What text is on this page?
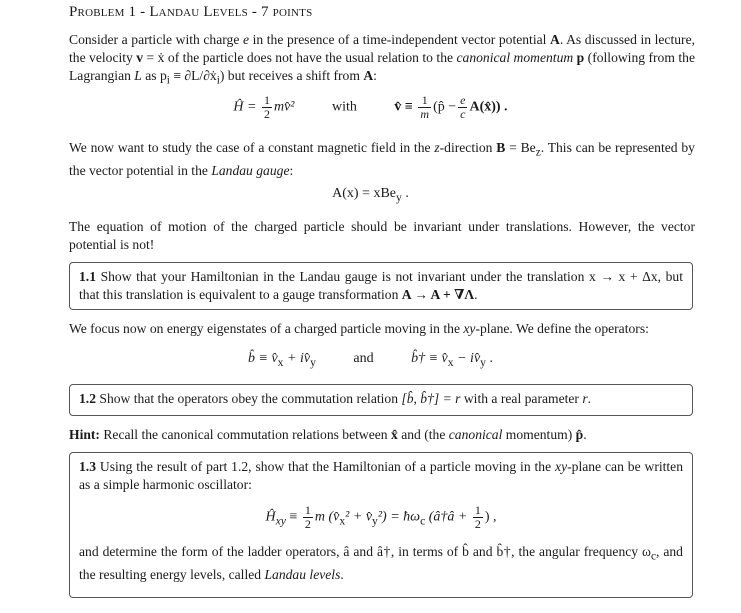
Problem 1 - Landau Levels - 7 points

Consider a particle with charge e in the presence of a time-independent vector potential A. As discussed in lecture, the velocity v = ẋ of the particle does not have the usual relation to the canonical momentum p (following from the Lagrangian L as $p_i$ ≡ ∂L/∂ẋ$_i$) but receives a shift from A:

Ĥ = $\frac{1}{2}$ mv̂²	with	v̂ ≡ $\frac{1}{m}$ (p̂ − $\frac{e}{c}$ A(x̂)) .

We now want to study the case of a constant magnetic field in the z-direction $B = Be_z$. This can be represented by the vector potential in the Landau gauge:

A(x) = xBe$_y$ .

The equation of motion of the charged particle should be invariant under translations. However, the vector potential is not!

1.1 Show that your Hamiltonian in the Landau gauge is not invariant under the translation x → x + Δx, but that this translation is equivalent to a gauge transformation A → A + ∇Λ.

We focus now on energy eigenstates of a charged particle moving in the xy-plane. We define the operators:

b̂ ≡ $v̂_x$ + $iv̂_y$	and	b̂† ≡ $v̂_x$ − $iv̂_y$ .
1.2 Show that the operators obey the commutation relation [b̂, b̂†] = r with a real parameter r.

Hint: Recall the canonical commutation relations between x̂ and (the canonical momentum) p̂.

1.3 Using the result of part 1.2, show that the Hamiltonian of a particle moving in the xy-plane can be written as a simple harmonic oscillator:
$Ĥ_{xy} \equiv \frac{1}{2}$ m ($v̂_x^2$ + $v̂_y^2$) = $ħ\omega_c$ (â†â + $\frac{1}{2}$ ) ,
and determine the form of the ladder operators, â and â†, in terms of b̂ and b̂†, the angular frequency $\omega_c$, and the resulting energy levels, called Landau levels.
